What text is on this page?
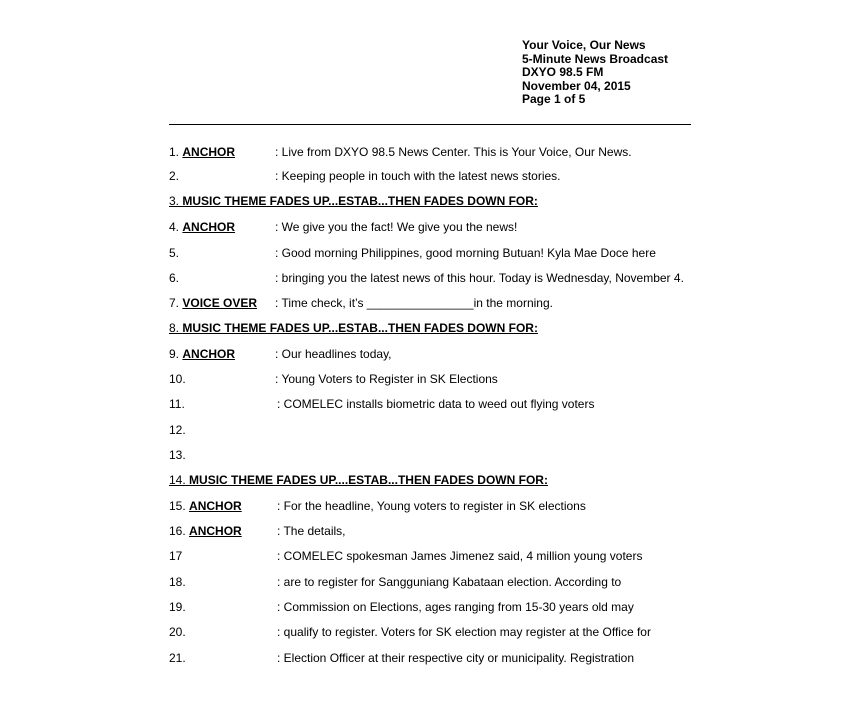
Your Voice, Our News
5-Minute News Broadcast
DXYO 98.5 FM
November 04, 2015
Page 1 of 5
1. ANCHOR	: Live from DXYO 98.5 News Center. This is Your Voice, Our News.
2.	: Keeping people in touch with the latest news stories.
3. MUSIC THEME FADES UP...ESTAB...THEN FADES DOWN FOR:
4. ANCHOR	: We give you the fact! We give you the news!
5.	: Good morning Philippines, good morning Butuan! Kyla Mae Doce here
6.	: bringing you the latest news of this hour. Today is Wednesday, November 4.
7. VOICE OVER : Time check, it’s ________________in the morning.
8. MUSIC THEME FADES UP...ESTAB...THEN FADES DOWN FOR:
9. ANCHOR	: Our headlines today,
10.	: Young Voters to Register in SK Elections
11.	: COMELEC installs biometric data to weed out flying voters
12.
13.
14. MUSIC THEME FADES UP....ESTAB...THEN FADES DOWN FOR:
15. ANCHOR	: For the headline, Young voters to register in SK elections
16. ANCHOR	: The details,
17	: COMELEC spokesman James Jimenez said, 4 million young voters
18.	: are to register for Sangguniang Kabataan election. According to
19.	: Commission on Elections, ages ranging from 15-30 years old may
20.	: qualify to register. Voters for SK election may register at the Office for
21.	: Election Officer at their respective city or municipality. Registration
